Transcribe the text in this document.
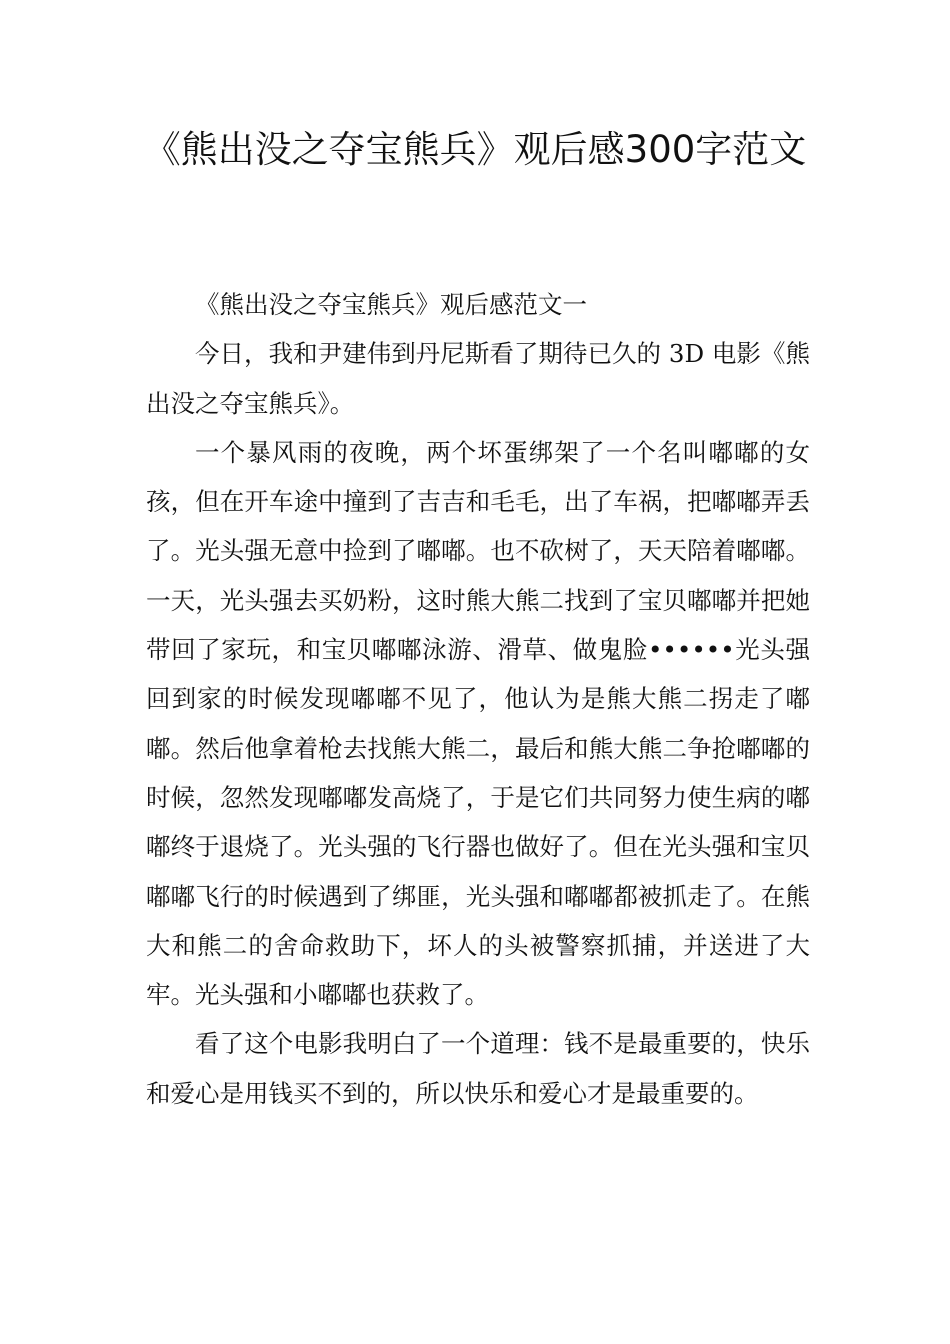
《熊出没之夺宝熊兵》观后感300字范文

《熊出没之夺宝熊兵》观后感范文一

今日，我和尹建伟到丹尼斯看了期待已久的 3D 电影《熊出没之夺宝熊兵》。

一个暴风雨的夜晚，两个坏蛋绑架了一个名叫嘟嘟的女孩，但在开车途中撞到了吉吉和毛毛，出了车祸，把嘟嘟弄丢了。光头强无意中捡到了嘟嘟。也不砍树了，天天陪着嘟嘟。一天，光头强去买奶粉，这时熊大熊二找到了宝贝嘟嘟并把她带回了家玩，和宝贝嘟嘟泳游、滑草、做鬼脸••••••光头强回到家的时候发现嘟嘟不见了，他认为是熊大熊二拐走了嘟嘟。然后他拿着枪去找熊大熊二，最后和熊大熊二争抢嘟嘟的时候，忽然发现嘟嘟发高烧了，于是它们共同努力使生病的嘟嘟终于退烧了。光头强的飞行器也做好了。但在光头强和宝贝嘟嘟飞行的时候遇到了绑匪，光头强和嘟嘟都被抓走了。在熊大和熊二的舍命救助下，坏人的头被警察抓捕，并送进了大牢。光头强和小嘟嘟也获救了。

看了这个电影我明白了一个道理：钱不是最重要的，快乐和爱心是用钱买不到的，所以快乐和爱心才是最重要的。
